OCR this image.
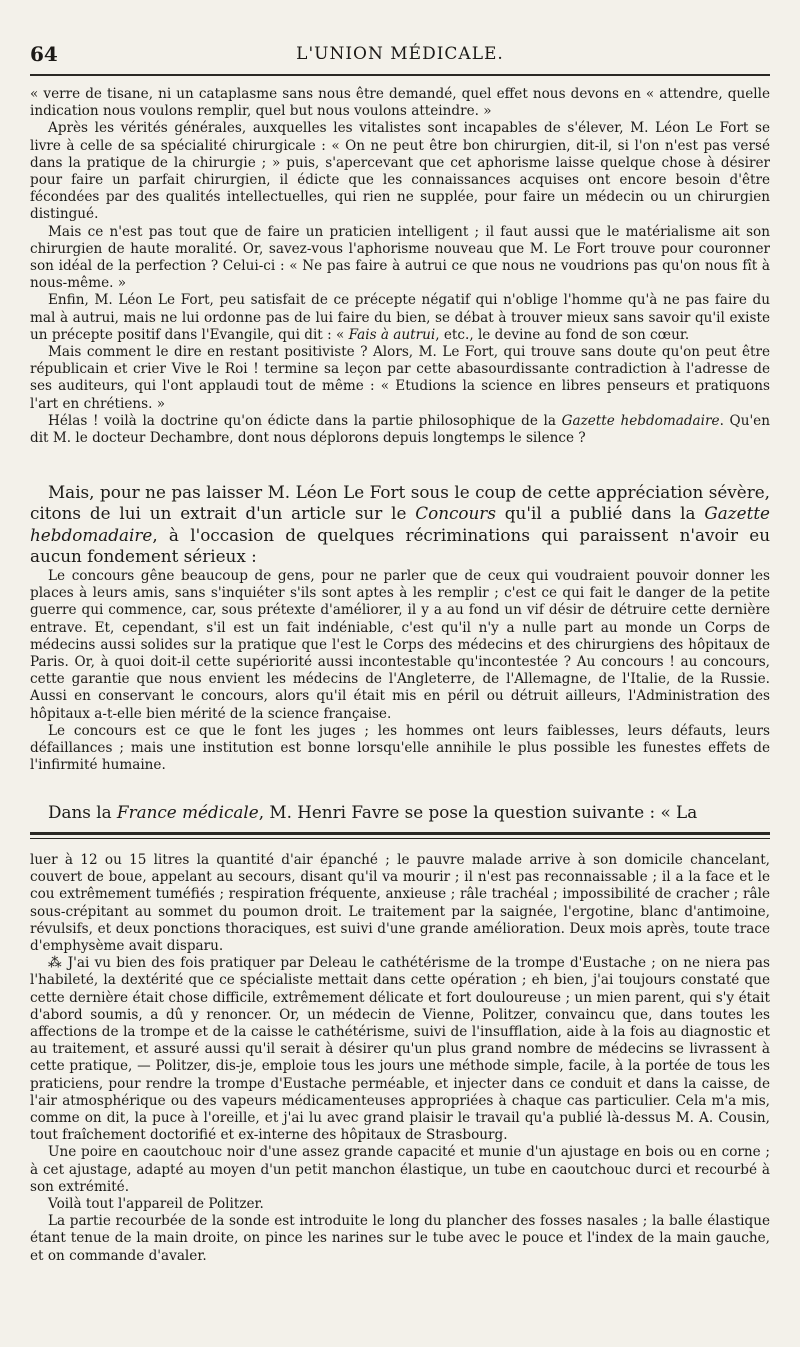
64	L'UNION MÉDICALE.

« verre de tisane, ni un cataplasme sans nous être demandé, quel effet nous devons en « attendre, quelle indication nous voulons remplir, quel but nous voulons atteindre. »

Après les vérités générales, auxquelles les vitalistes sont incapables de s'élever, M. Léon Le Fort se livre à celle de sa spécialité chirurgicale : « On ne peut être bon chirurgien, dit-il, si l'on n'est pas versé dans la pratique de la chirurgie ; » puis, s'apercevant que cet aphorisme laisse quelque chose à désirer pour faire un parfait chirurgien, il édicte que les connaissances acquises ont encore besoin d'être fécondées par des qualités intellectuelles, qui rien ne supplée, pour faire un médecin ou un chirurgien distingué.

Mais ce n'est pas tout que de faire un praticien intelligent ; il faut aussi que le matérialisme ait son chirurgien de haute moralité. Or, savez-vous l'aphorisme nouveau que M. Le Fort trouve pour couronner son idéal de la perfection ? Celui-ci : « Ne pas faire à autrui ce que nous ne voudrions pas qu'on nous fît à nous-même. »

Enfin, M. Léon Le Fort, peu satisfait de ce précepte négatif qui n'oblige l'homme qu'à ne pas faire du mal à autrui, mais ne lui ordonne pas de lui faire du bien, se débat à trouver mieux sans savoir qu'il existe un précepte positif dans l'Evangile, qui dit : « Fais à autrui, etc., le devine au fond de son cœur.

Mais comment le dire en restant positiviste ? Alors, M. Le Fort, qui trouve sans doute qu'on peut être républicain et crier Vive le Roi ! termine sa leçon par cette abasourdissante contradiction à l'adresse de ses auditeurs, qui l'ont applaudi tout de même : « Etudions la science en libres penseurs et pratiquons l'art en chrétiens. »

Hélas ! voilà la doctrine qu'on édicte dans la partie philosophique de la Gazette hebdomadaire. Qu'en dit M. le docteur Dechambre, dont nous déplorons depuis longtemps le silence ?

Mais, pour ne pas laisser M. Léon Le Fort sous le coup de cette appréciation sévère, citons de lui un extrait d'un article sur le Concours qu'il a publié dans la Gazette hebdomadaire, à l'occasion de quelques récriminations qui paraissent n'avoir eu aucun fondement sérieux :

Le concours gêne beaucoup de gens, pour ne parler que de ceux qui voudraient pouvoir donner les places à leurs amis, sans s'inquiéter s'ils sont aptes à les remplir ; c'est ce qui fait le danger de la petite guerre qui commence, car, sous prétexte d'améliorer, il y a au fond un vif désir de détruire cette dernière entrave. Et, cependant, s'il est un fait indéniable, c'est qu'il n'y a nulle part au monde un Corps de médecins aussi solides sur la pratique que l'est le Corps des médecins et des chirurgiens des hôpitaux de Paris. Or, à quoi doit-il cette supériorité aussi incontestable qu'incontestée ? Au concours ! au concours, cette garantie que nous envient les médecins de l'Angleterre, de l'Allemagne, de l'Italie, de la Russie. Aussi en conservant le concours, alors qu'il était mis en péril ou détruit ailleurs, l'Administration des hôpitaux a-t-elle bien mérité de la science française.

Le concours est ce que le font les juges ; les hommes ont leurs faiblesses, leurs défauts, leurs défaillances ; mais une institution est bonne lorsqu'elle annihile le plus possible les funestes effets de l'infirmité humaine.

Dans la France médicale, M. Henri Favre se pose la question suivante : « La

luer à 12 ou 15 litres la quantité d'air épanché ; le pauvre malade arrive à son domicile chancelant, couvert de boue, appelant au secours, disant qu'il va mourir ; il n'est pas reconnaissable ; il a la face et le cou extrêmement tuméfiés ; respiration fréquente, anxieuse ; râle trachéal ; impossibilité de cracher ; râle sous-crépitant au sommet du poumon droit. Le traitement par la saignée, l'ergotine, blanc d'antimoine, révulsifs, et deux ponctions thoraciques, est suivi d'une grande amélioration. Deux mois après, toute trace d'emphysème avait disparu.

⁂ J'ai vu bien des fois pratiquer par Deleau le cathétérisme de la trompe d'Eustache ; on ne niera pas l'habileté, la dextérité que ce spécialiste mettait dans cette opération ; eh bien, j'ai toujours constaté que cette dernière était chose difficile, extrêmement délicate et fort douloureuse ; un mien parent, qui s'y était d'abord soumis, a dû y renoncer. Or, un médecin de Vienne, Politzer, convaincu que, dans toutes les affections de la trompe et de la caisse le cathétérisme, suivi de l'insufflation, aide à la fois au diagnostic et au traitement, et assuré aussi qu'il serait à désirer qu'un plus grand nombre de médecins se livrassent à cette pratique, — Politzer, dis-je, emploie tous les jours une méthode simple, facile, à la portée de tous les praticiens, pour rendre la trompe d'Eustache perméable, et injecter dans ce conduit et dans la caisse, de l'air atmosphérique ou des vapeurs médicamenteuses appropriées à chaque cas particulier. Cela m'a mis, comme on dit, la puce à l'oreille, et j'ai lu avec grand plaisir le travail qu'a publié là-dessus M. A. Cousin, tout fraîchement doctorifié et ex-interne des hôpitaux de Strasbourg.

Une poire en caoutchouc noir d'une assez grande capacité et munie d'un ajustage en bois ou en corne ; à cet ajustage, adapté au moyen d'un petit manchon élastique, un tube en caoutchouc durci et recourbé à son extrémité.

Voilà tout l'appareil de Politzer.

La partie recourbée de la sonde est introduite le long du plancher des fosses nasales ; la balle élastique étant tenue de la main droite, on pince les narines sur le tube avec le pouce et l'index de la main gauche, et on commande d'avaler.
